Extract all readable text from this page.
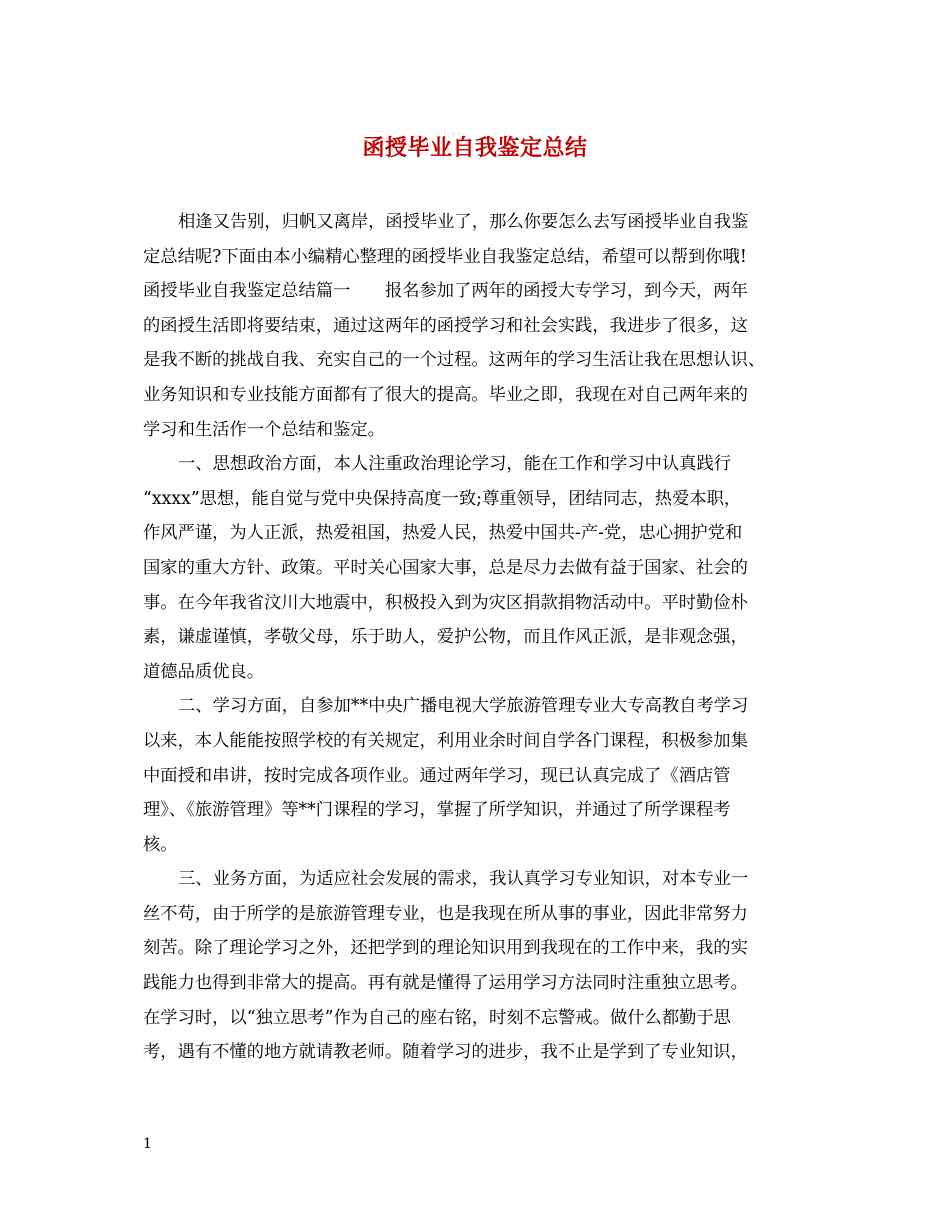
函授毕业自我鉴定总结
相逢又告别，归帆又离岸，函授毕业了，那么你要怎么去写函授毕业自我鉴
定总结呢?下面由本小编精心整理的函授毕业自我鉴定总结，希望可以帮到你哦!
函授毕业自我鉴定总结篇一　　报名参加了两年的函授大专学习，到今天，两年
的函授生活即将要结束，通过这两年的函授学习和社会实践，我进步了很多，这
是我不断的挑战自我、充实自己的一个过程。这两年的学习生活让我在思想认识、
业务知识和专业技能方面都有了很大的提高。毕业之即，我现在对自己两年来的
学习和生活作一个总结和鉴定。
一、思想政治方面，本人注重政治理论学习，能在工作和学习中认真践行
“xxxx”思想，能自觉与党中央保持高度一致;尊重领导，团结同志，热爱本职，
作风严谨，为人正派，热爱祖国，热爱人民，热爱中国共-产-党，忠心拥护党和
国家的重大方针、政策。平时关心国家大事，总是尽力去做有益于国家、社会的
事。在今年我省汶川大地震中，积极投入到为灾区捐款捐物活动中。平时勤俭朴
素，谦虚谨慎，孝敬父母，乐于助人，爱护公物，而且作风正派，是非观念强，
道德品质优良。
二、学习方面，自参加**中央广播电视大学旅游管理专业大专高教自考学习
以来，本人能能按照学校的有关规定，利用业余时间自学各门课程，积极参加集
中面授和串讲，按时完成各项作业。通过两年学习，现已认真完成了《酒店管
理》、《旅游管理》等**门课程的学习，掌握了所学知识，并通过了所学课程考
核。
三、业务方面，为适应社会发展的需求，我认真学习专业知识，对本专业一
丝不苟，由于所学的是旅游管理专业，也是我现在所从事的事业，因此非常努力
刻苦。除了理论学习之外，还把学到的理论知识用到我现在的工作中来，我的实
践能力也得到非常大的提高。再有就是懂得了运用学习方法同时注重独立思考。
在学习时，以“独立思考”作为自己的座右铭，时刻不忘警戒。做什么都勤于思
考，遇有不懂的地方就请教老师。随着学习的进步，我不止是学到了专业知识，
1
